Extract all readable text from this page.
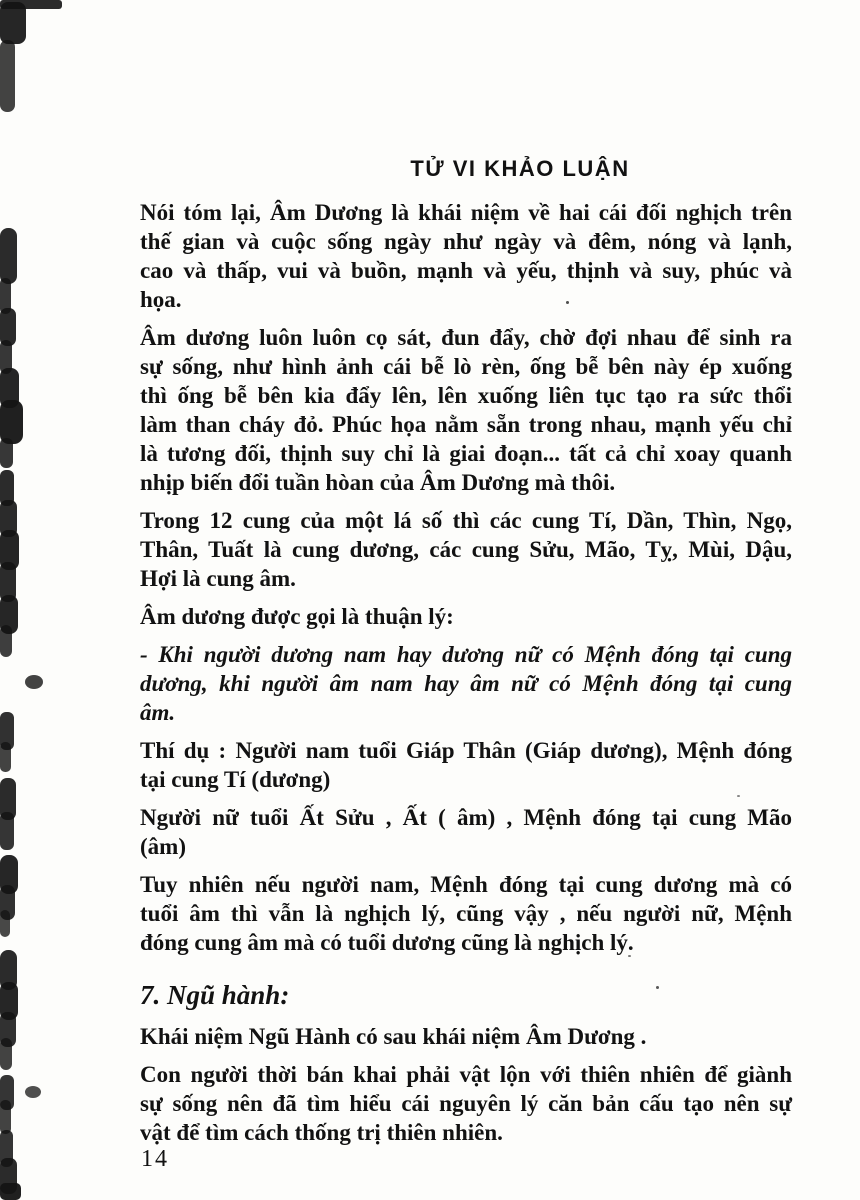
TỬ VI KHẢO LUẬN

Nói tóm lại, Âm Dương là khái niệm về hai cái đối nghịch trên
thế gian và cuộc sống ngày như ngày và đêm, nóng và lạnh,
cao và thấp, vui và buồn, mạnh và yếu, thịnh và suy, phúc và
họa.

Âm dương luôn luôn cọ sát, đun đẩy, chờ đợi nhau để sinh ra
sự sống, như hình ảnh cái bễ lò rèn, ống bễ bên này ép xuống
thì ống bễ bên kia đẩy lên, lên xuống liên tục tạo ra sức thổi
làm than cháy đỏ. Phúc họa nằm sẵn trong nhau, mạnh yếu chỉ
là tương đối, thịnh suy chỉ là giai đoạn... tất cả chỉ xoay quanh
nhịp biến đổi tuần hòan của Âm Dương mà thôi.

Trong 12 cung của một lá số thì các cung Tí, Dần, Thìn, Ngọ,
Thân, Tuất là cung dương, các cung Sửu, Mão, Tỵ, Mùi, Dậu,
Hợi là cung âm.

Âm dương được gọi là thuận lý:

- Khi người dương nam hay dương nữ có Mệnh đóng tại cung
dương, khi người âm nam hay âm nữ có Mệnh đóng tại cung
âm.

Thí dụ : Người nam tuổi Giáp Thân (Giáp dương), Mệnh đóng
tại cung Tí (dương)

Người nữ tuổi Ất Sửu , Ất ( âm) , Mệnh đóng tại cung Mão
(âm)

Tuy nhiên nếu người nam, Mệnh đóng tại cung dương mà có
tuổi âm thì vẫn là nghịch lý, cũng vậy , nếu người nữ, Mệnh
đóng cung âm mà có tuổi dương cũng là nghịch lý.

7. Ngũ hành:

Khái niệm Ngũ Hành có sau khái niệm Âm Dương .

Con người thời bán khai phải vật lộn với thiên nhiên để giành
sự sống nên đã tìm hiểu cái nguyên lý căn bản cấu tạo nên sự
vật để tìm cách thống trị thiên nhiên.

14
